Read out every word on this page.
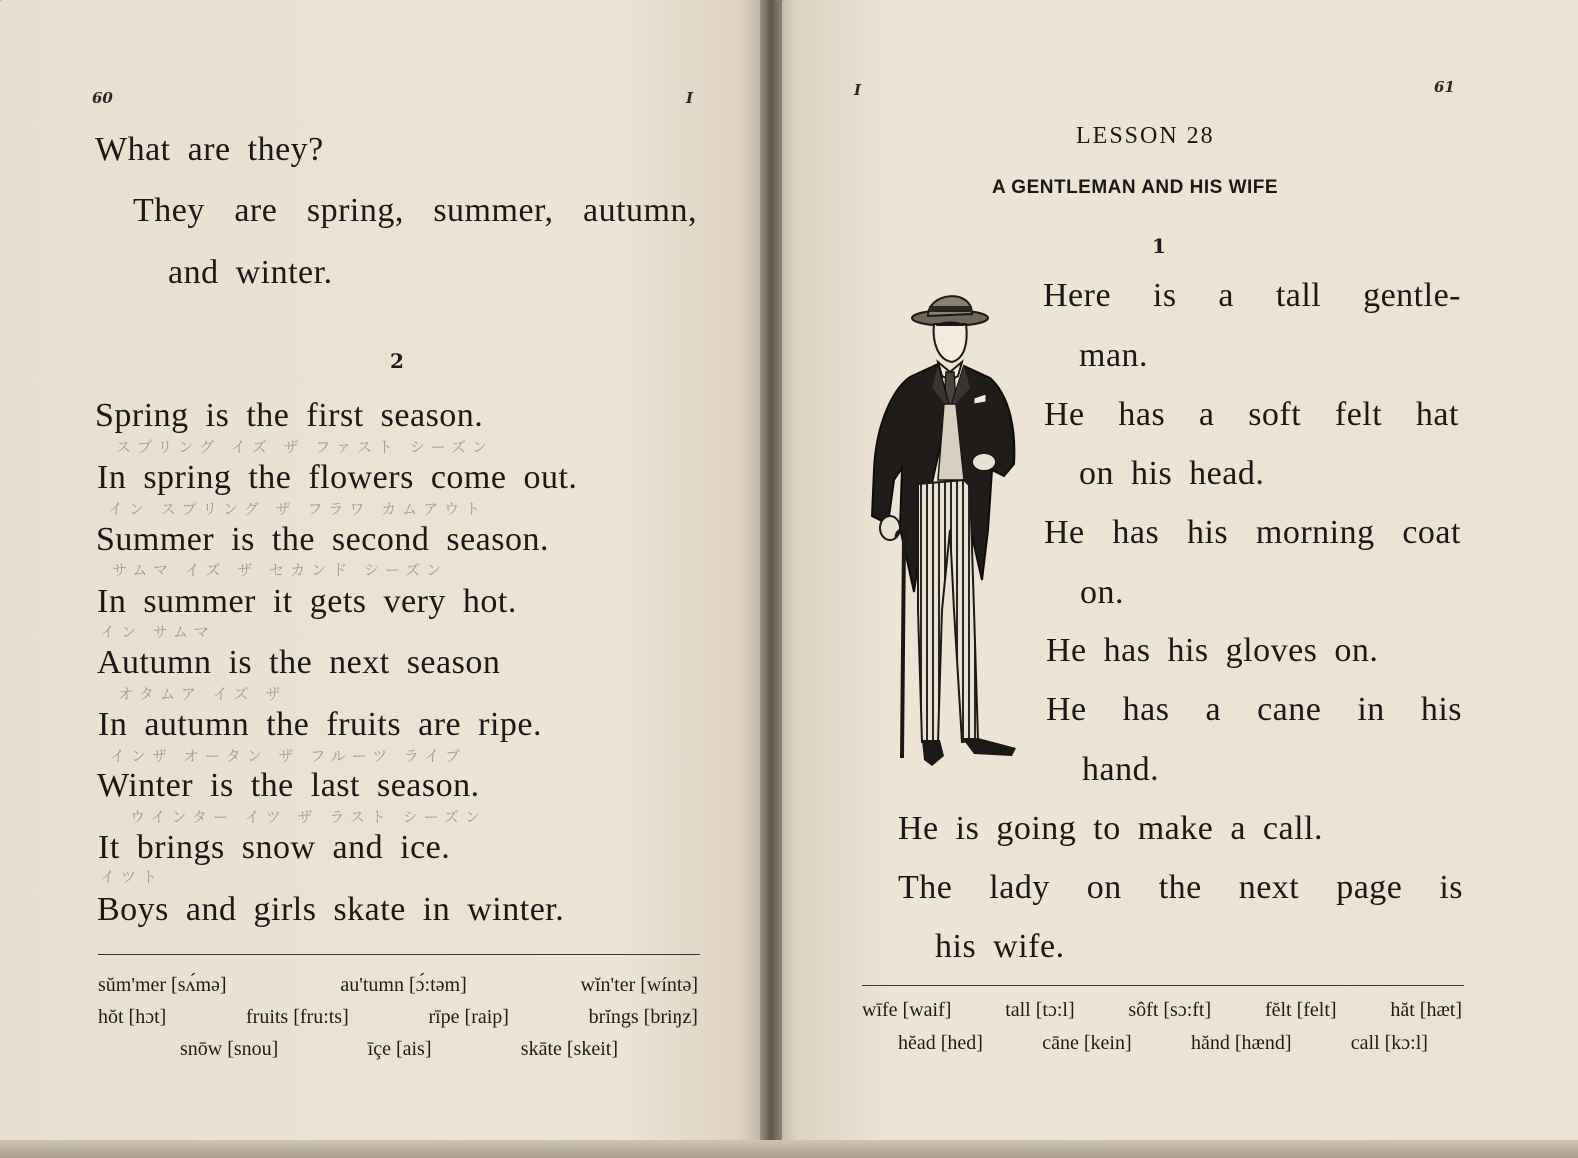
60	I
What are they?
They are spring, summer, autumn,
and winter.
2
Spring is the first season.
スプリング イズ ザ ファスト シーズン
In spring the flowers come out.
イン スプリング ザ フラワ カムアウト
Summer is the second season.
サムマ イズ ザ セカンド シーズン
In summer it gets very hot.
イン サムマ
Autumn is the next season
オタムア イズ ザ
In autumn the fruits are ripe.
インザ オータン ザ フルーツ ライプ
Winter is the last season.
ウインター イツ ザ ラスト シーズン
It brings snow and ice.
イツト
Boys and girls skate in winter.
sŭm'mer [sʌ́mə]	au'tumn [ɔ́:təm]	wĭn'ter [wíntə]
hŏt [hɔt]	fruits [fru:ts]	rīpe [raip]	brĭngs [briŋz]
snōw [snou]	īçe [ais]	skāte [skeit]
I	61
LESSON 28
A GENTLEMAN AND HIS WIFE
1
Here is a tall gentle-
man.
He has a soft felt hat
on his head.
He has his morning coat
on.
He has his gloves on.
He has a cane in his
hand.
He is going to make a call.
The lady on the next page is
his wife.
wīfe [waif]	tall [tɔ:l]	sôft [sɔ:ft]	fĕlt [felt]	hăt [hæt]
hĕad [hed]	cāne [kein]	hănd [hænd]	call [kɔ:l]
